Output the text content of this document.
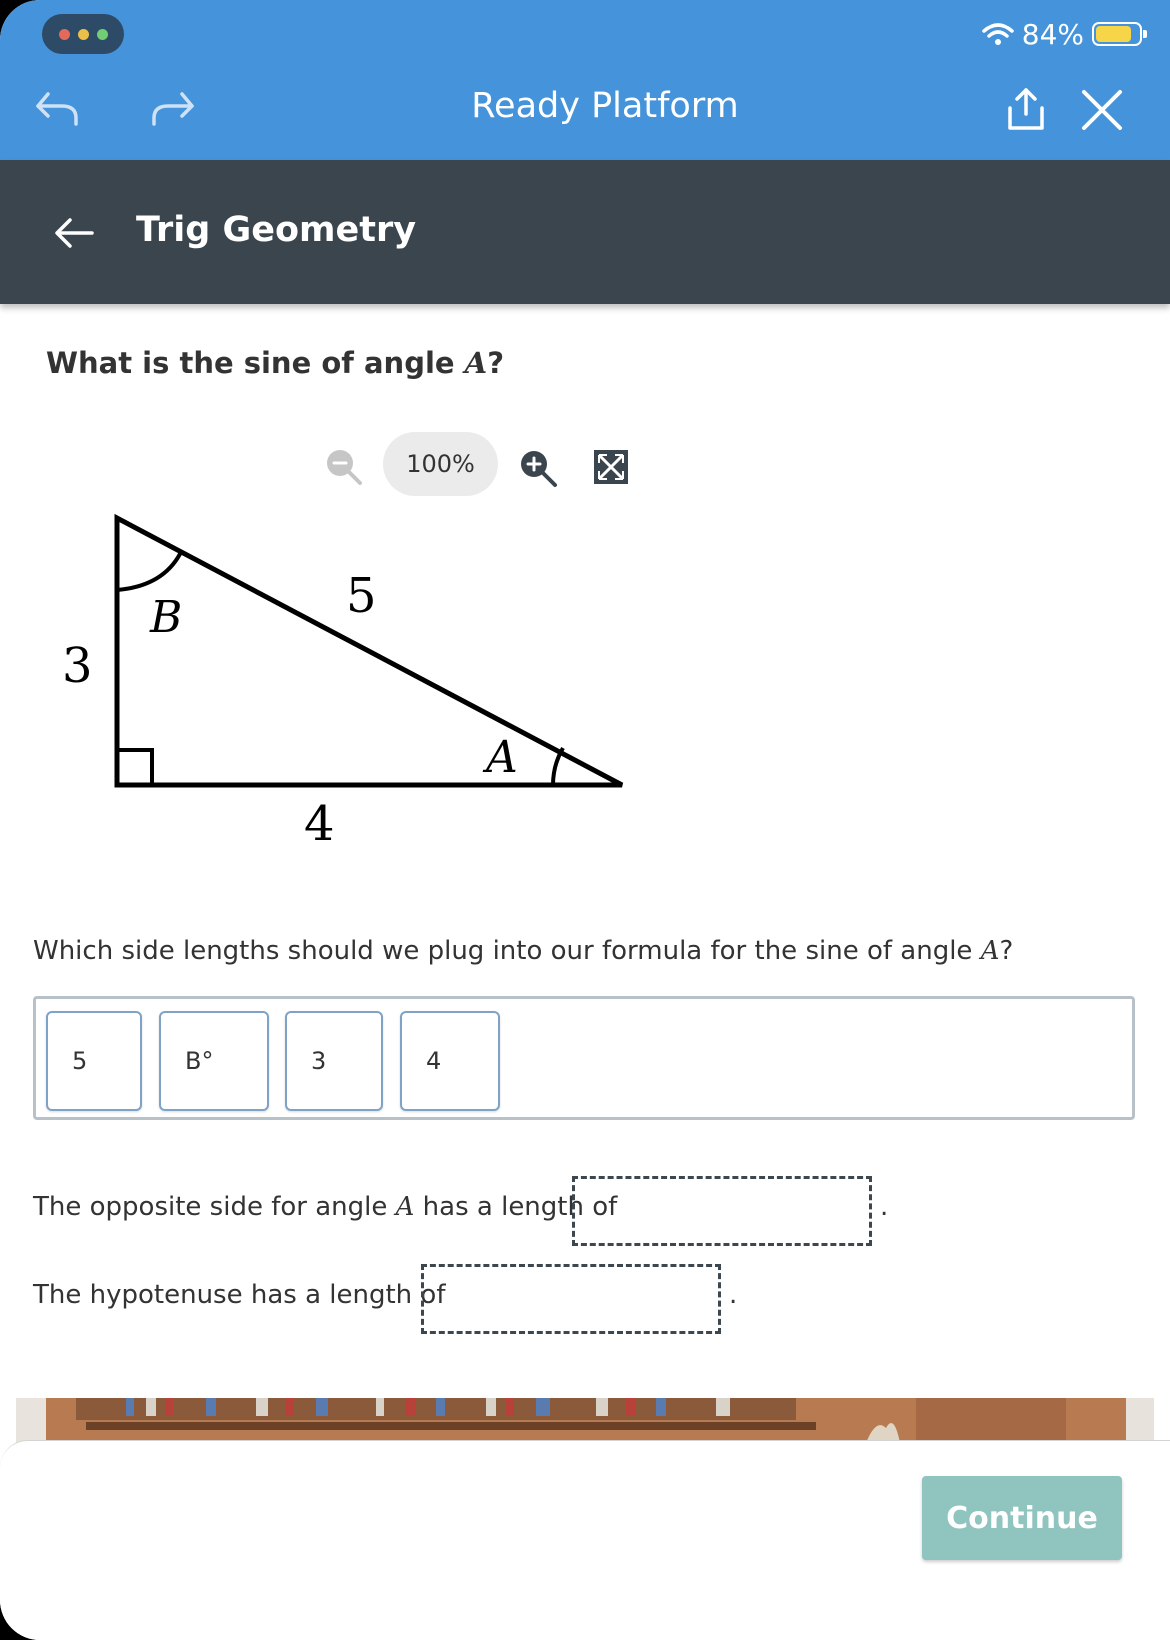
84%
Ready Platform
Trig Geometry
What is the sine of angle A?
100%
B
A
3
5
4
Which side lengths should we plug into our formula for the sine of angle A?
5	B°	3	4
The opposite side for angle A has a length of	.
The hypotenuse has a length of	.
Continue
